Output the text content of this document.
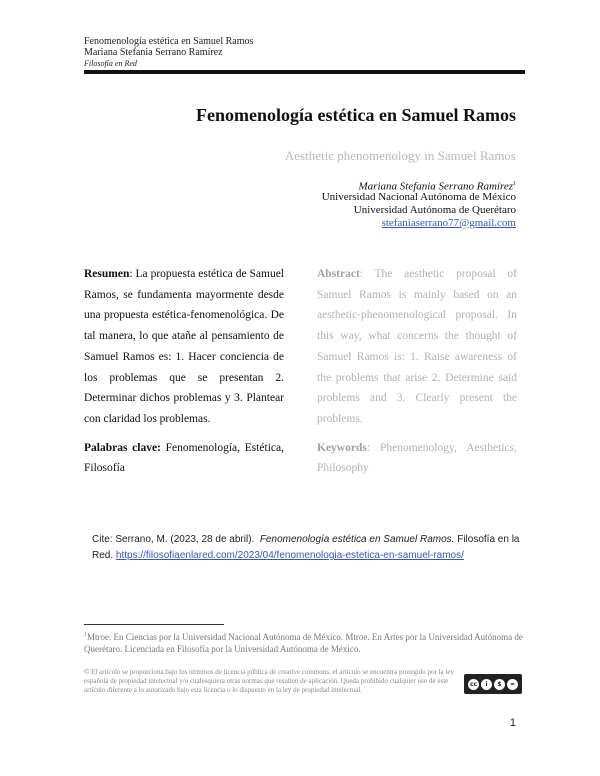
Fenomenología estética en Samuel Ramos
Mariana Stefania Serrano Ramírez
Filosofía en Red
Fenomenología estética en Samuel Ramos
Aesthetic phenomenology in Samuel Ramos
Mariana Stefania Serrano Ramírez$^1$
Universidad Nacional Autónoma de México
Universidad Autónoma de Querétaro
stefaniaserrano77@gmail.com

Resumen: La propuesta estética de Samuel Ramos, se fundamenta mayormente desde una propuesta estética-fenomenológica. De tal manera, lo que atañe al pensamiento de Samuel Ramos es: 1. Hacer conciencia de los problemas que se presentan 2. Determinar dichos problemas y 3. Plantear con claridad los problemas.

Palabras clave: Fenomenología, Estética, Filosofía

Abstract: The aesthetic proposal of Samuel Ramos is mainly based on an aesthetic-phenomenological proposal. In this way, what concerns the thought of Samuel Ramos is: 1. Raise awareness of the problems that arise 2. Determine said problems and 3. Clearly present the problems.

Keywords: Phenomenology, Aesthetics, Philosophy

Cite: Serrano, M. (2023, 28 de abril). Fenomenología estética en Samuel Ramos. Filosofía en la Red. https://filosofiaenlared.com/2023/04/fenomenologia-estetica-en-samuel-ramos/
$^1$Mtroe. En Ciencias por la Universidad Nacional Autónoma de México. Mtroe. En Artes por la Universidad Autónoma de Querétaro. Licenciada en Filosofía por la Universidad Autónoma de México.
© El artículo se proporciona bajo los términos de licencia pública de creative commons, el artículo se encuentra protegido por la ley española de propiedad intelectual y/o cualesquiera otras normas que resulten de aplicación. Queda prohibido cualquier uso de este artículo diferente a lo autorizado bajo esta licencia o lo dispuesto en la ley de propiedad intelectual.
cc	i	$	=
1
